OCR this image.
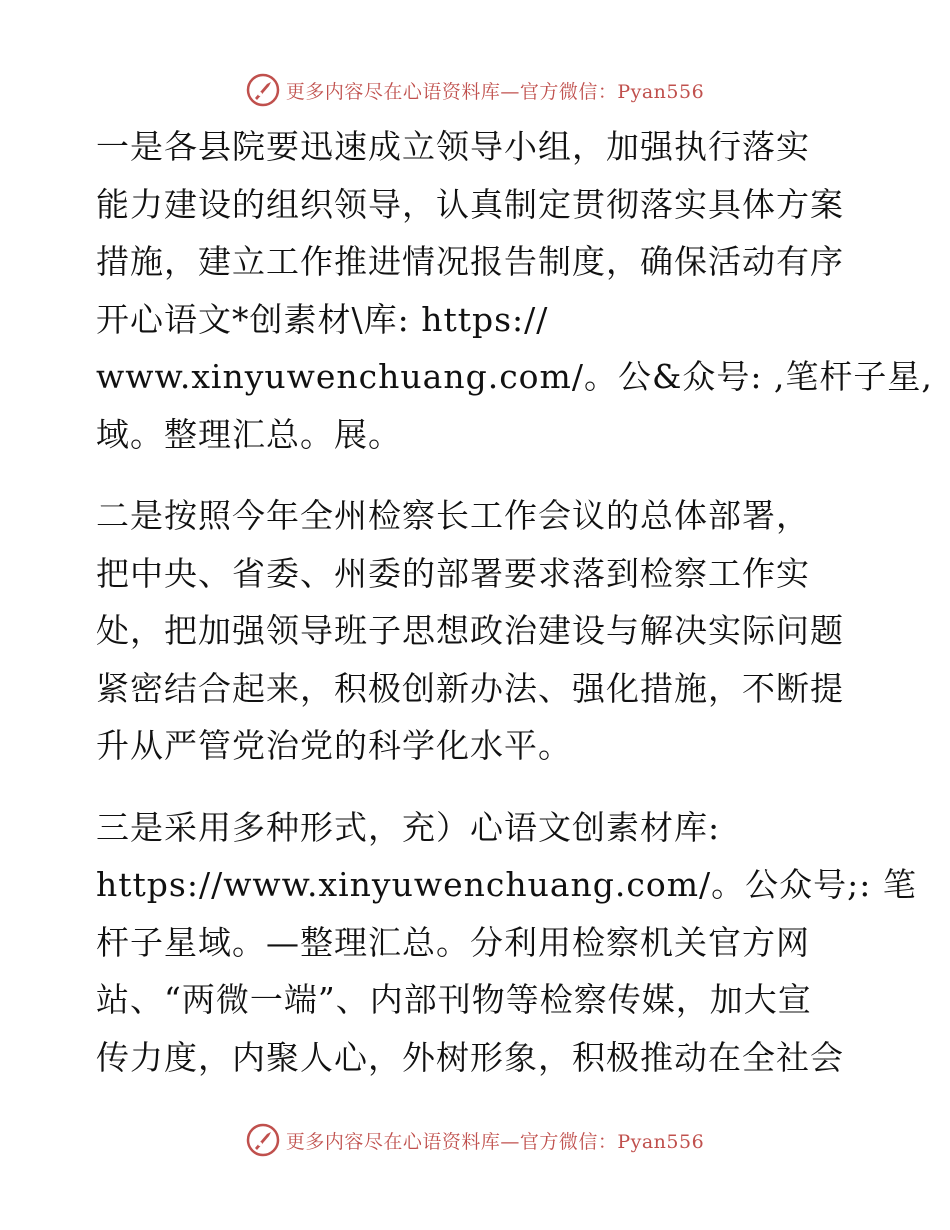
更多内容尽在心语资料库—官方微信：Pyan556
一是各县院要迅速成立领导小组，加强执行落实
能力建设的组织领导，认真制定贯彻落实具体方案
措施，建立工作推进情况报告制度，确保活动有序
开心语文*创素材\库: https://
www.xinyuwenchuang.com/。公&众号: ,笔杆子星,
域。整理汇总。展。
二是按照今年全州检察长工作会议的总体部署，
把中央、省委、州委的部署要求落到检察工作实
处，把加强领导班子思想政治建设与解决实际问题
紧密结合起来，积极创新办法、强化措施，不断提
升从严管党治党的科学化水平。
三是采用多种形式，充）心语文创素材库:
https://www.xinyuwenchuang.com/。公众号;: 笔
杆子星域。—整理汇总。分利用检察机关官方网
站、“两微一端”、内部刊物等检察传媒，加大宣
传力度，内聚人心，外树形象，积极推动在全社会
更多内容尽在心语资料库—官方微信：Pyan556
